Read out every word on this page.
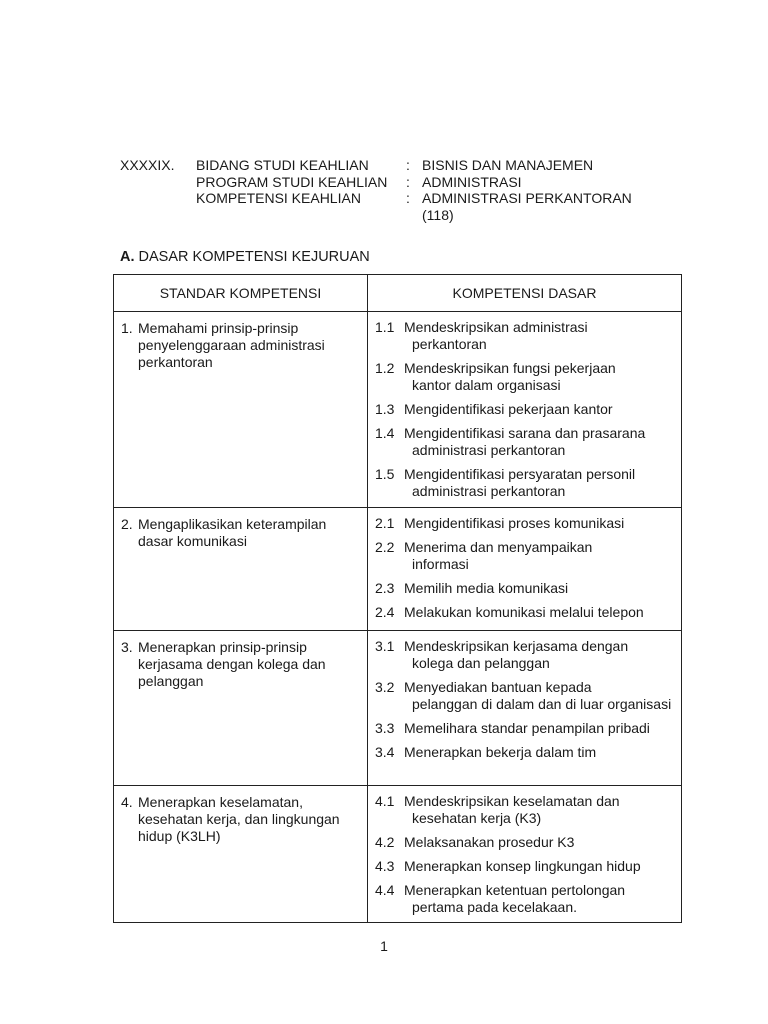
XXXXIX.	BIDANG STUDI KEAHLIAN	: BISNIS DAN MANAJEMEN
PROGRAM STUDI KEAHLIAN	: ADMINISTRASI
KOMPETENSI KEAHLIAN	: ADMINISTRASI PERKANTORAN
(118)
A. DASAR KOMPETENSI KEJURUAN
STANDAR KOMPETENSI	KOMPETENSI DASAR

1. Memahami prinsip-prinsip penyelenggaraan administrasi perkantoran

1.1 Mendeskripsikan administrasi
perkantoran
1.2 Mendeskripsikan fungsi pekerjaan
kantor dalam organisasi
1.3 Mengidentifikasi pekerjaan kantor
1.4 Mengidentifikasi sarana dan prasarana
administrasi perkantoran
1.5 Mengidentifikasi persyaratan personil
administrasi perkantoran

2. Mengaplikasikan keterampilan dasar komunikasi

2.1 Mengidentifikasi proses komunikasi
2.2 Menerima dan menyampaikan
informasi
2.3 Memilih media komunikasi
2.4 Melakukan komunikasi melalui telepon

3. Menerapkan prinsip-prinsip kerjasama dengan kolega dan pelanggan

3.1 Mendeskripsikan kerjasama dengan
kolega dan pelanggan
3.2 Menyediakan bantuan kepada
pelanggan di dalam dan di luar organisasi
3.3 Memelihara standar penampilan pribadi
3.4 Menerapkan bekerja dalam tim

4. Menerapkan keselamatan, kesehatan kerja, dan lingkungan hidup (K3LH)

4.1 Mendeskripsikan keselamatan dan
kesehatan kerja (K3)
4.2 Melaksanakan prosedur K3
4.3 Menerapkan konsep lingkungan hidup
4.4 Menerapkan ketentuan pertolongan
pertama pada kecelakaan.
1
